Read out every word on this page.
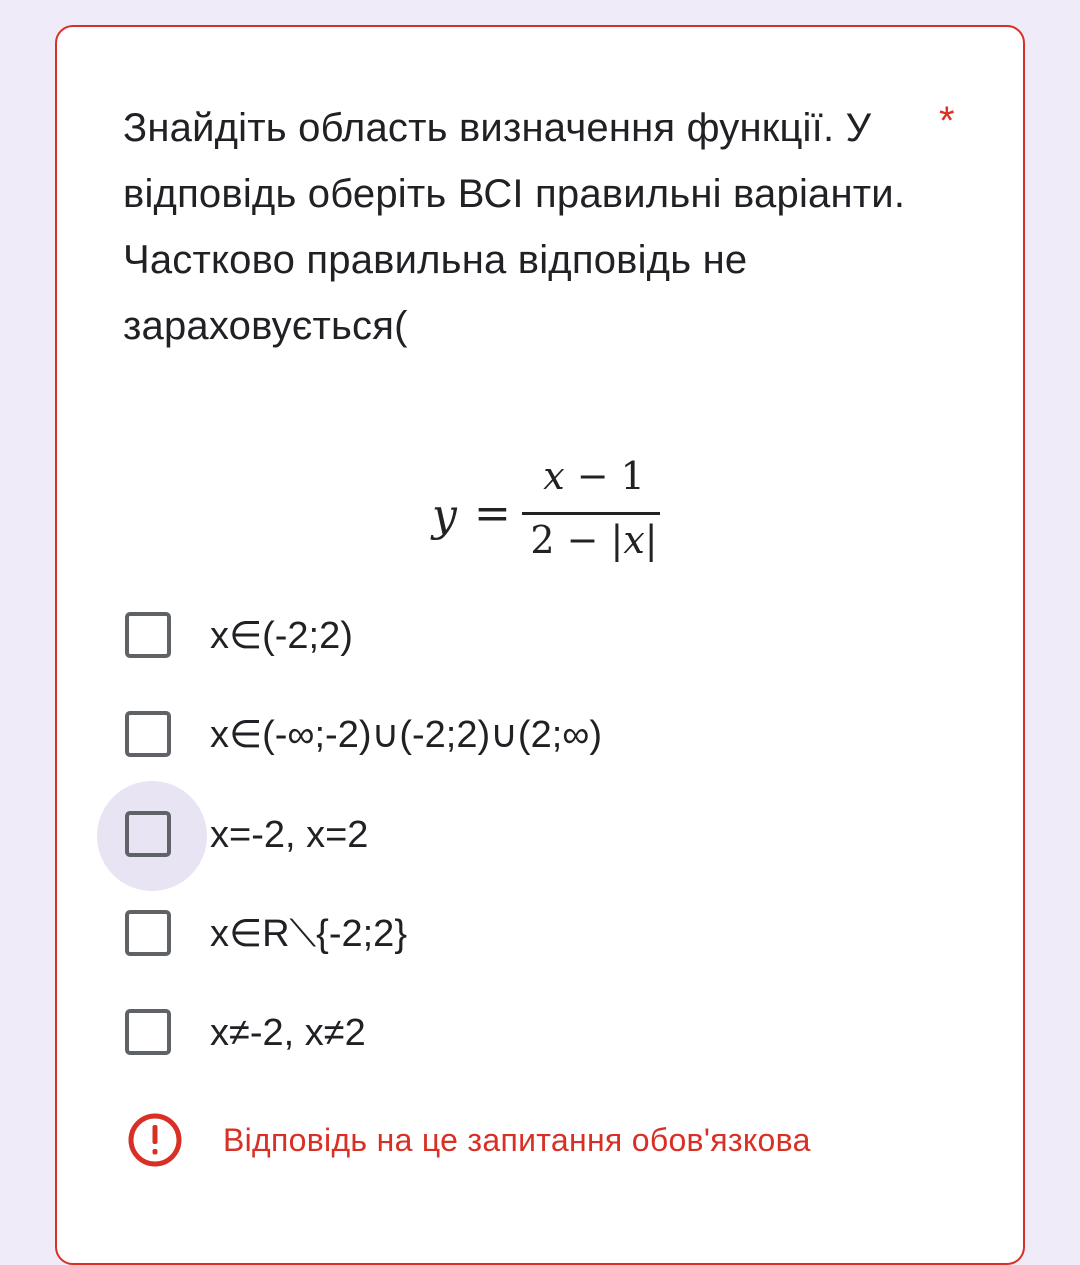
Знайдіть область визначення функції. У відповідь оберіть ВСІ правильні варіанти. Частково правильна відповідь не зараховується(
*
y =
x − 1
2 − |x|
x∈(-2;2)
x∈(-∞;-2)∪(-2;2)∪(2;∞)
x=-2, x=2
x∈R⟍{-2;2}
x≠-2, x≠2
Відповідь на це запитання обов'язкова
